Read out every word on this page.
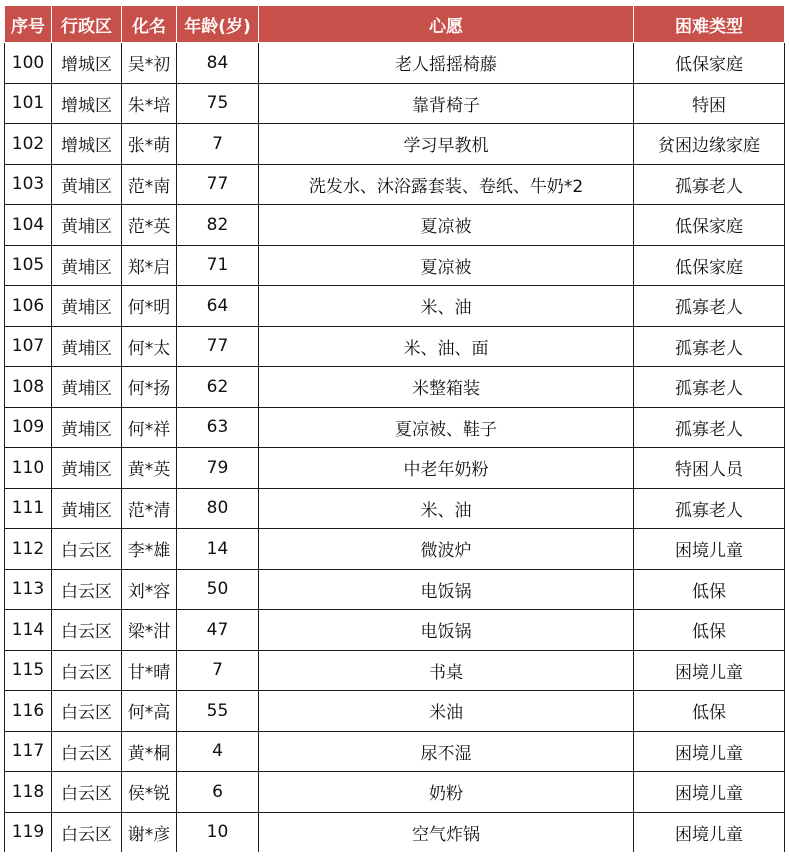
序号	行政区	化名	年龄(岁)	心愿	困难类型
100	增城区	吴*初	84	老人摇摇椅藤	低保家庭
101	增城区	朱*培	75	靠背椅子	特困
102	增城区	张*萌	7	学习早教机	贫困边缘家庭
103	黄埔区	范*南	77	洗发水、沐浴露套装、卷纸、牛奶*2	孤寡老人
104	黄埔区	范*英	82	夏凉被	低保家庭
105	黄埔区	郑*启	71	夏凉被	低保家庭
106	黄埔区	何*明	64	米、油	孤寡老人
107	黄埔区	何*太	77	米、油、面	孤寡老人
108	黄埔区	何*扬	62	米整箱装	孤寡老人
109	黄埔区	何*祥	63	夏凉被、鞋子	孤寡老人
110	黄埔区	黄*英	79	中老年奶粉	特困人员
111	黄埔区	范*清	80	米、油	孤寡老人
112	白云区	李*雄	14	微波炉	困境儿童
113	白云区	刘*容	50	电饭锅	低保
114	白云区	梁*泔	47	电饭锅	低保
115	白云区	甘*晴	7	书桌	困境儿童
116	白云区	何*高	55	米油	低保
117	白云区	黄*桐	4	尿不湿	困境儿童
118	白云区	侯*锐	6	奶粉	困境儿童
119	白云区	谢*彦	10	空气炸锅	困境儿童
